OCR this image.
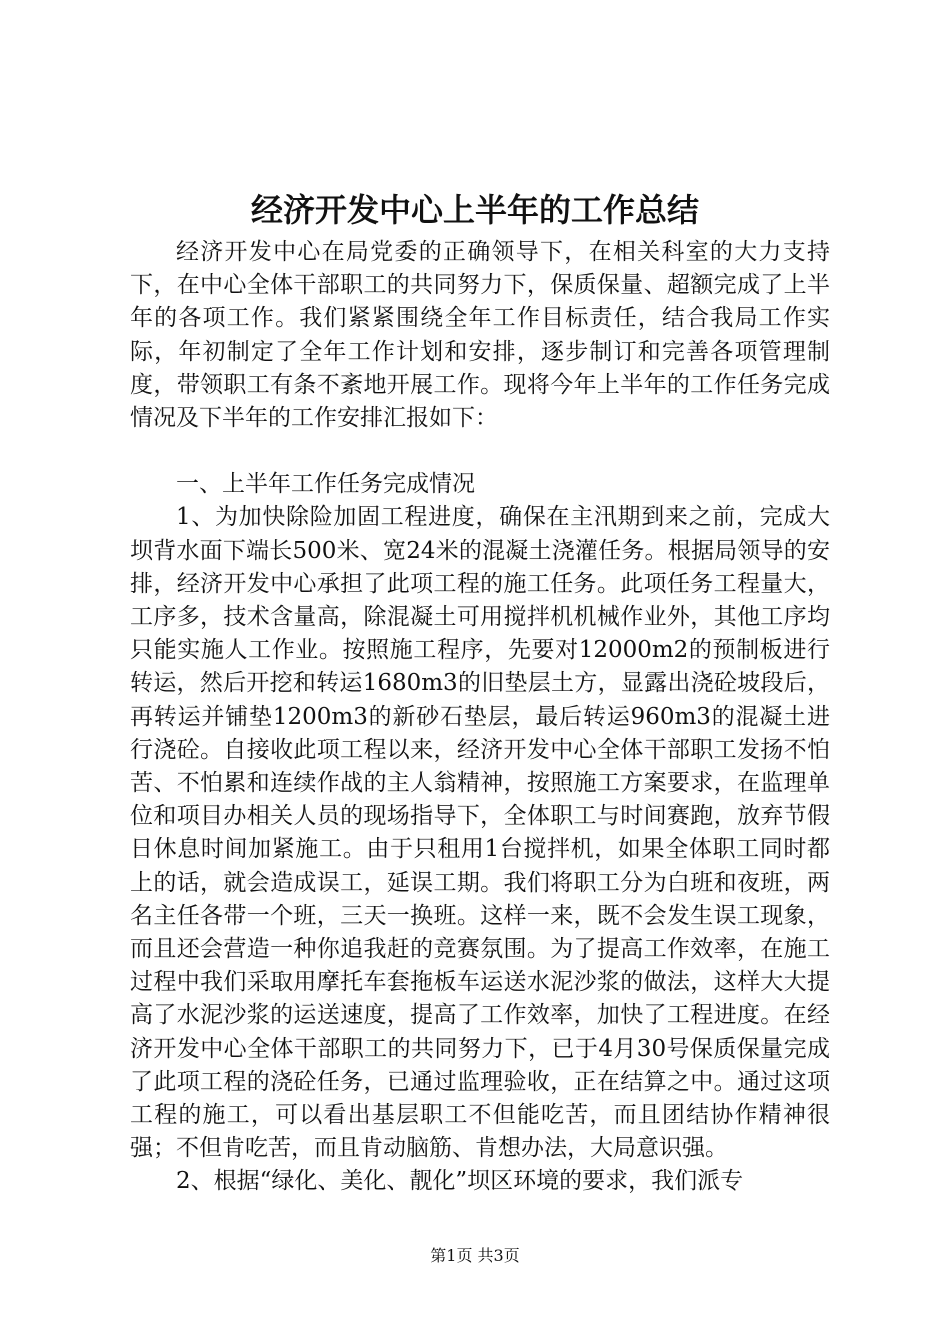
经济开发中心上半年的工作总结

经济开发中心在局党委的正确领导下，在相关科室的大力支持下，在中心全体干部职工的共同努力下，保质保量、超额完成了上半年的各项工作。我们紧紧围绕全年工作目标责任，结合我局工作实际，年初制定了全年工作计划和安排，逐步制订和完善各项管理制度，带领职工有条不紊地开展工作。现将今年上半年的工作任务完成情况及下半年的工作安排汇报如下：

一、上半年工作任务完成情况

1、为加快除险加固工程进度，确保在主汛期到来之前，完成大坝背水面下端长500米、宽24米的混凝土浇灌任务。根据局领导的安排，经济开发中心承担了此项工程的施工任务。此项任务工程量大，工序多，技术含量高，除混凝土可用搅拌机机械作业外，其他工序均只能实施人工作业。按照施工程序，先要对12000m2的预制板进行转运，然后开挖和转运1680m3的旧垫层土方，显露出浇砼坡段后，再转运并铺垫1200m3的新砂石垫层，最后转运960m3的混凝土进行浇砼。自接收此项工程以来，经济开发中心全体干部职工发扬不怕苦、不怕累和连续作战的主人翁精神，按照施工方案要求，在监理单位和项目办相关人员的现场指导下，全体职工与时间赛跑，放弃节假日休息时间加紧施工。由于只租用1台搅拌机，如果全体职工同时都上的话，就会造成误工，延误工期。我们将职工分为白班和夜班，两名主任各带一个班，三天一换班。这样一来，既不会发生误工现象，而且还会营造一种你追我赶的竞赛氛围。为了提高工作效率，在施工过程中我们采取用摩托车套拖板车运送水泥沙浆的做法，这样大大提高了水泥沙浆的运送速度，提高了工作效率，加快了工程进度。在经济开发中心全体干部职工的共同努力下，已于4月30号保质保量完成了此项工程的浇砼任务，已通过监理验收，正在结算之中。通过这项工程的施工，可以看出基层职工不但能吃苦，而且团结协作精神很强；不但肯吃苦，而且肯动脑筋、肯想办法，大局意识强。

2、根据“绿化、美化、靓化”坝区环境的要求，我们派专

第1页 共3页
